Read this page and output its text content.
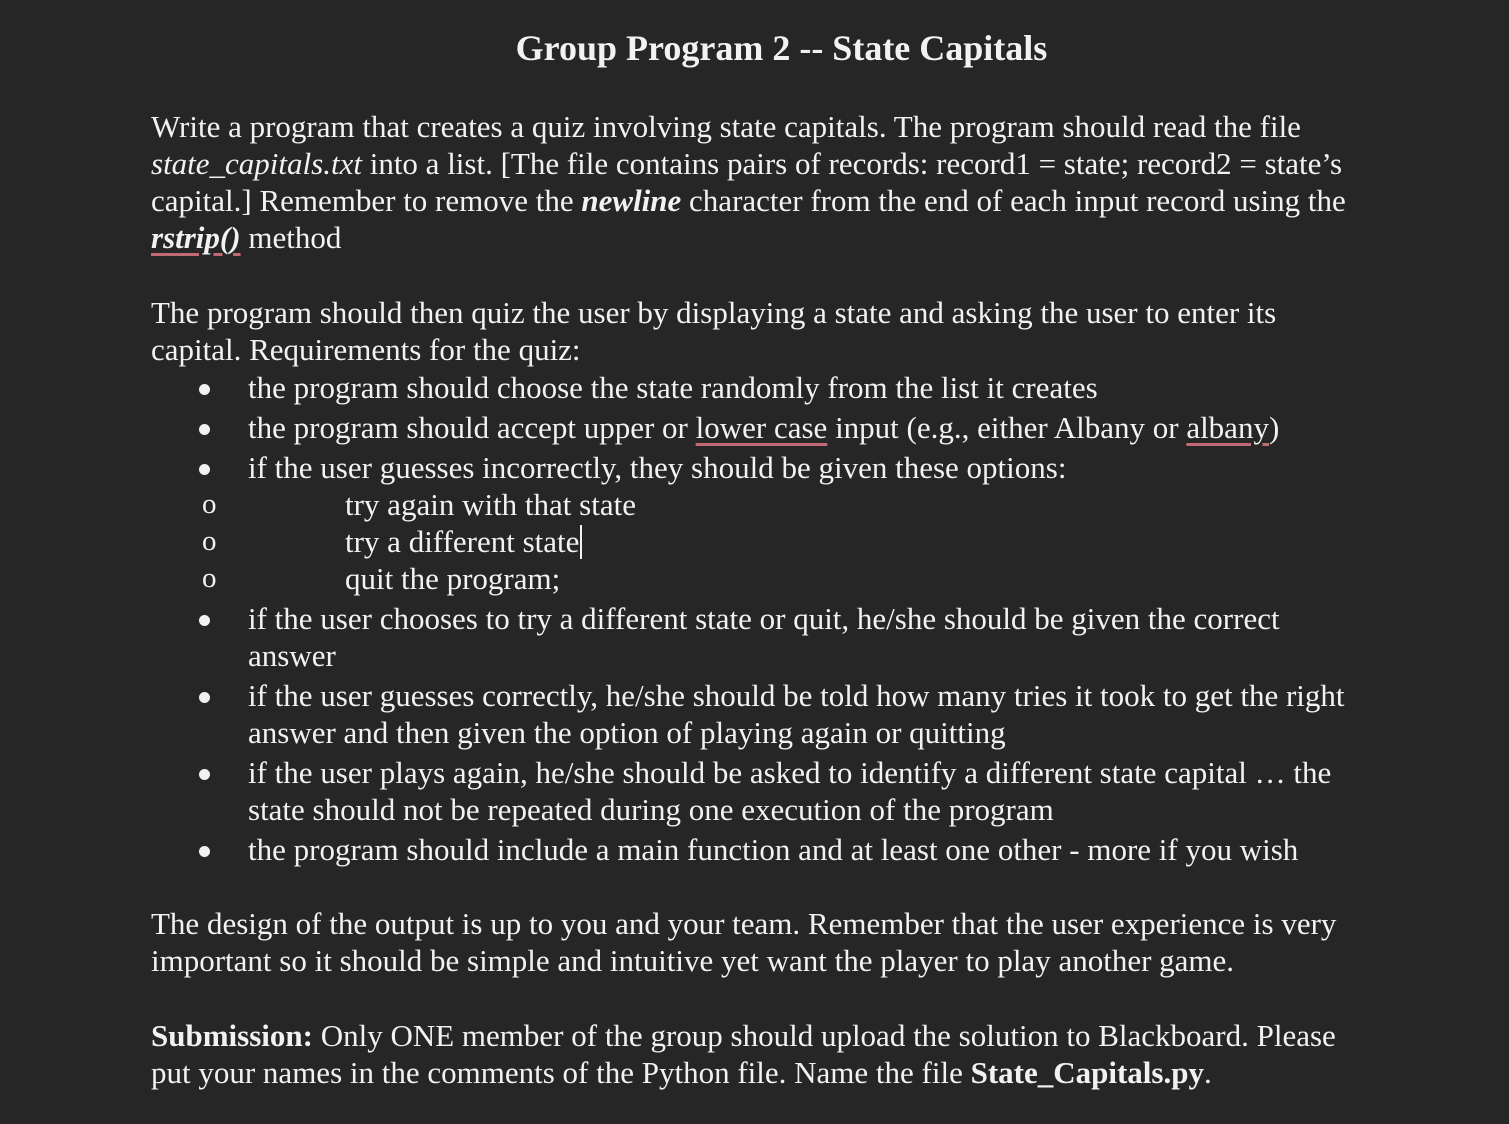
Group Program 2 -- State Capitals

Write a program that creates a quiz involving state capitals. The program should read the file
state_capitals.txt into a list. [The file contains pairs of records: record1 = state; record2 = state’s
capital.] Remember to remove the newline character from the end of each input record using the
rstrip() method

The program should then quiz the user by displaying a state and asking the user to enter its
capital. Requirements for the quiz:

the program should choose the state randomly from the list it creates
the program should accept upper or lower case input (e.g., either Albany or albany)
if the user guesses incorrectly, they should be given these options:
o	try again with that state
o	try a different state
o	quit the program;
if the user chooses to try a different state or quit, he/she should be given the correct
answer
if the user guesses correctly, he/she should be told how many tries it took to get the right
answer and then given the option of playing again or quitting
if the user plays again, he/she should be asked to identify a different state capital … the
state should not be repeated during one execution of the program
the program should include a main function and at least one other - more if you wish

The design of the output is up to you and your team. Remember that the user experience is very
important so it should be simple and intuitive yet want the player to play another game.

Submission: Only ONE member of the group should upload the solution to Blackboard. Please
put your names in the comments of the Python file. Name the file State_Capitals.py.
